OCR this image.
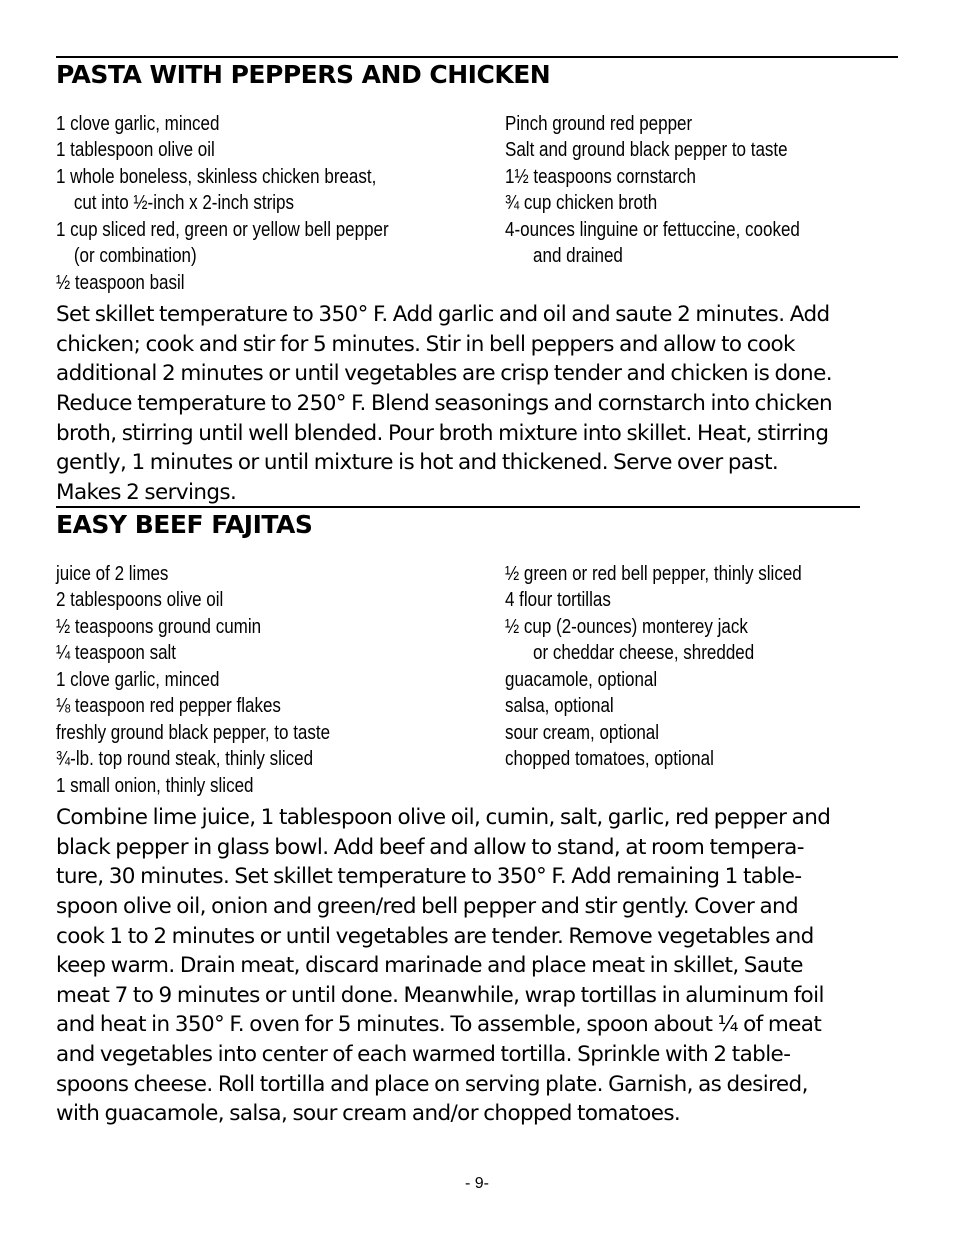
PASTA WITH PEPPERS AND CHICKEN
1 clove garlic, minced
1 tablespoon olive oil
1 whole boneless, skinless chicken breast,
cut into ½-inch x 2-inch strips
1 cup sliced red, green or yellow bell pepper
(or combination)
½ teaspoon basil
Pinch ground red pepper
Salt and ground black pepper to taste
1½ teaspoons cornstarch
¾ cup chicken broth
4-ounces linguine or fettuccine, cooked
and drained

Set skillet temperature to 350° F. Add garlic and oil and saute 2 minutes. Add
chicken; cook and stir for 5 minutes. Stir in bell peppers and allow to cook
additional 2 minutes or until vegetables are crisp tender and chicken is done.
Reduce temperature to 250° F. Blend seasonings and cornstarch into chicken
broth, stirring until well blended. Pour broth mixture into skillet. Heat, stirring
gently, 1 minutes or until mixture is hot and thickened. Serve over past.
Makes 2 servings.

EASY BEEF FAJITAS
juice of 2 limes
2 tablespoons olive oil
½ teaspoons ground cumin
¼ teaspoon salt
1 clove garlic, minced
⅛ teaspoon red pepper flakes
freshly ground black pepper, to taste
¾-lb. top round steak, thinly sliced
1 small onion, thinly sliced
½ green or red bell pepper, thinly sliced
4 flour tortillas
½ cup (2-ounces) monterey jack
or cheddar cheese, shredded
guacamole, optional
salsa, optional
sour cream, optional
chopped tomatoes, optional

Combine lime juice, 1 tablespoon olive oil, cumin, salt, garlic, red pepper and
black pepper in glass bowl. Add beef and allow to stand, at room tempera-
ture, 30 minutes. Set skillet temperature to 350° F. Add remaining 1 table-
spoon olive oil, onion and green/red bell pepper and stir gently. Cover and
cook 1 to 2 minutes or until vegetables are tender. Remove vegetables and
keep warm. Drain meat, discard marinade and place meat in skillet, Saute
meat 7 to 9 minutes or until done. Meanwhile, wrap tortillas in aluminum foil
and heat in 350° F. oven for 5 minutes. To assemble, spoon about ¼ of meat
and vegetables into center of each warmed tortilla. Sprinkle with 2 table-
spoons cheese. Roll tortilla and place on serving plate. Garnish, as desired,
with guacamole, salsa, sour cream and/or chopped tomatoes.

- 9-
